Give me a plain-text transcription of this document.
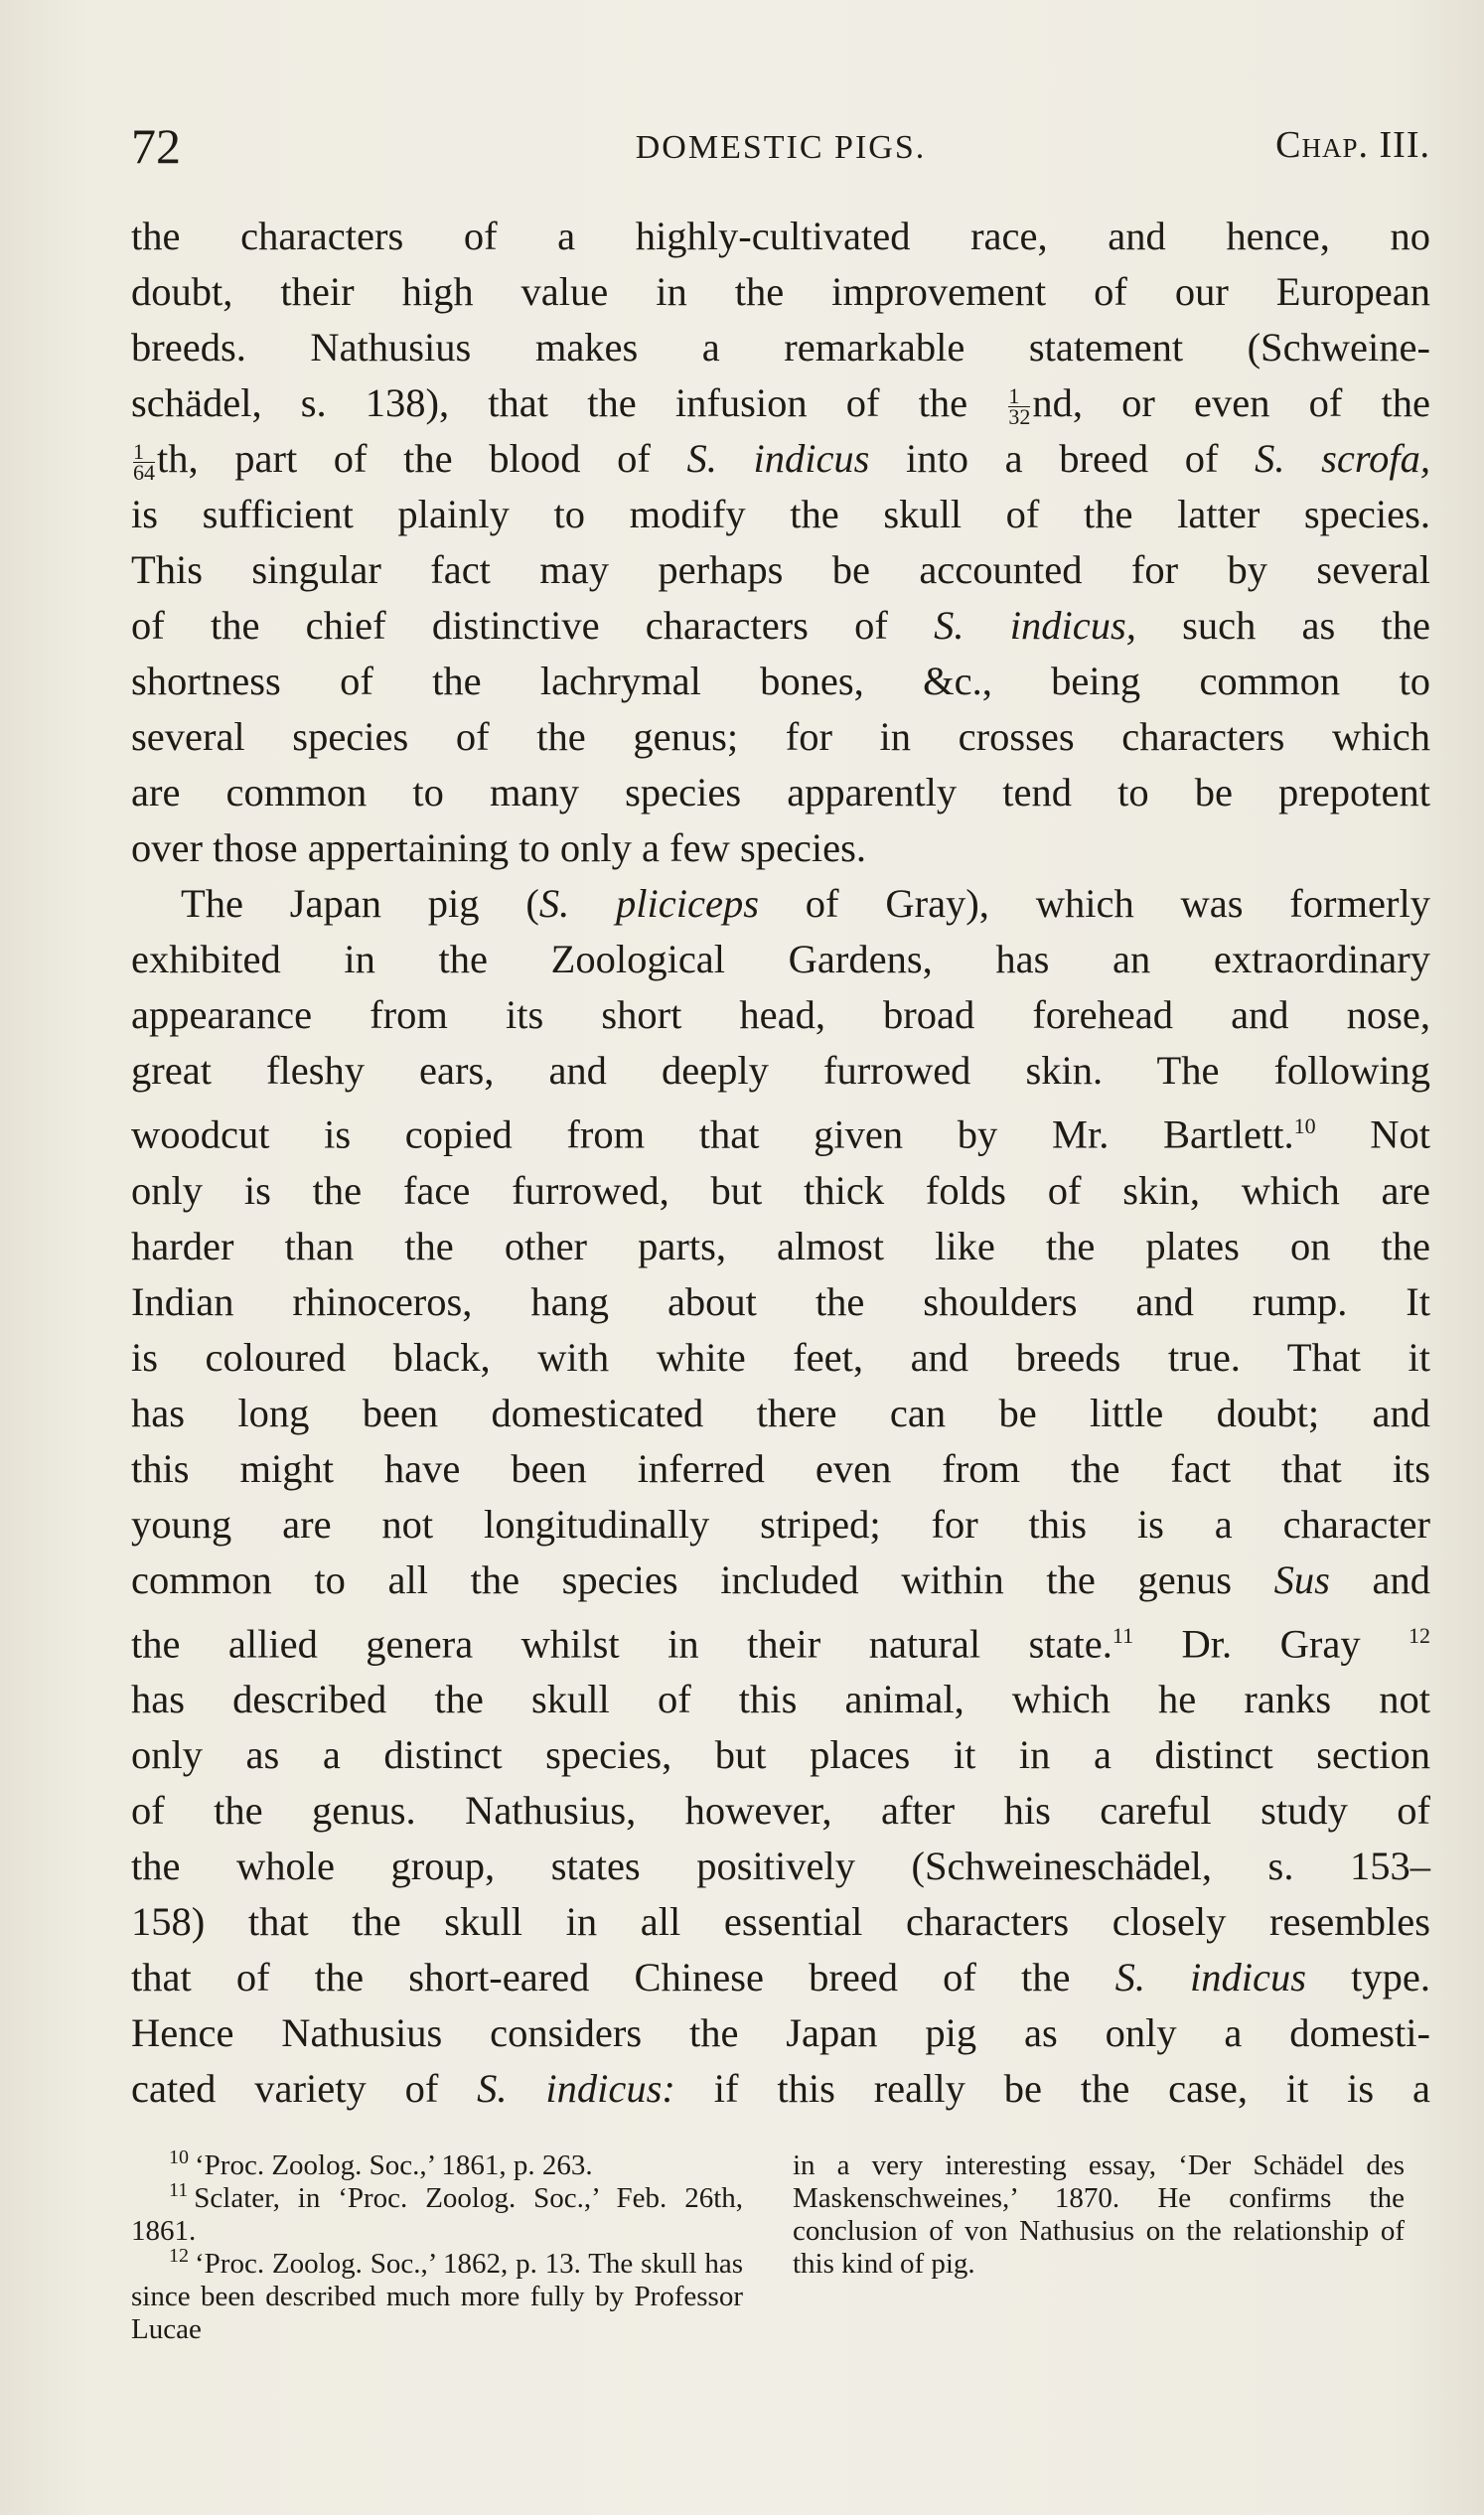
72	DOMESTIC PIGS.	Chap. III.

the characters of a highly-cultivated race, and hence, no
doubt, their high value in the improvement of our European
breeds. Nathusius makes a remarkable statement (Schweine-
schädel, s. 138), that the infusion of the $\frac{1}{32}$ nd, or even of the
$\frac{1}{64}$ th, part of the blood of S. indicus into a breed of S. scrofa,
is sufficient plainly to modify the skull of the latter species.
This singular fact may perhaps be accounted for by several
of the chief distinctive characters of S. indicus, such as the
shortness of the lachrymal bones, &c., being common to
several species of the genus; for in crosses characters which
are common to many species apparently tend to be prepotent

over those appertaining to only a few species.

The Japan pig (S. pliciceps of Gray), which was formerly

exhibited in the Zoological Gardens, has an extraordinary
appearance from its short head, broad forehead and nose,
great fleshy ears, and deeply furrowed skin. The following
woodcut is copied from that given by Mr. Bartlett.$^{10}$ Not
only is the face furrowed, but thick folds of skin, which are
harder than the other parts, almost like the plates on the
Indian rhinoceros, hang about the shoulders and rump. It
is coloured black, with white feet, and breeds true. That it
has long been domesticated there can be little doubt; and
this might have been inferred even from the fact that its
young are not longitudinally striped; for this is a character
common to all the species included within the genus Sus and
the allied genera whilst in their natural state.$^{11}$ Dr. Gray $^{12}$
has described the skull of this animal, which he ranks not
only as a distinct species, but places it in a distinct section
of the genus. Nathusius, however, after his careful study of
the whole group, states positively (Schweineschädel, s. 153–
158) that the skull in all essential characters closely resembles
that of the short-eared Chinese breed of the S. indicus type.
Hence Nathusius considers the Japan pig as only a domesti-
cated variety of S. indicus: if this really be the case, it is a

$^{10}$ ‘Proc. Zoolog. Soc.,’ 1861, p. 263.

$^{11}$ Sclater, in ‘Proc. Zoolog. Soc.,’ Feb. 26th, 1861.

$^{12}$ ‘Proc. Zoolog. Soc.,’ 1862, p. 13. The skull has since been described much more fully by Professor Lucae

in a very interesting essay, ‘Der Schädel des Maskenschweines,’ 1870. He confirms the conclusion of von Nathusius on the relationship of this kind of pig.
